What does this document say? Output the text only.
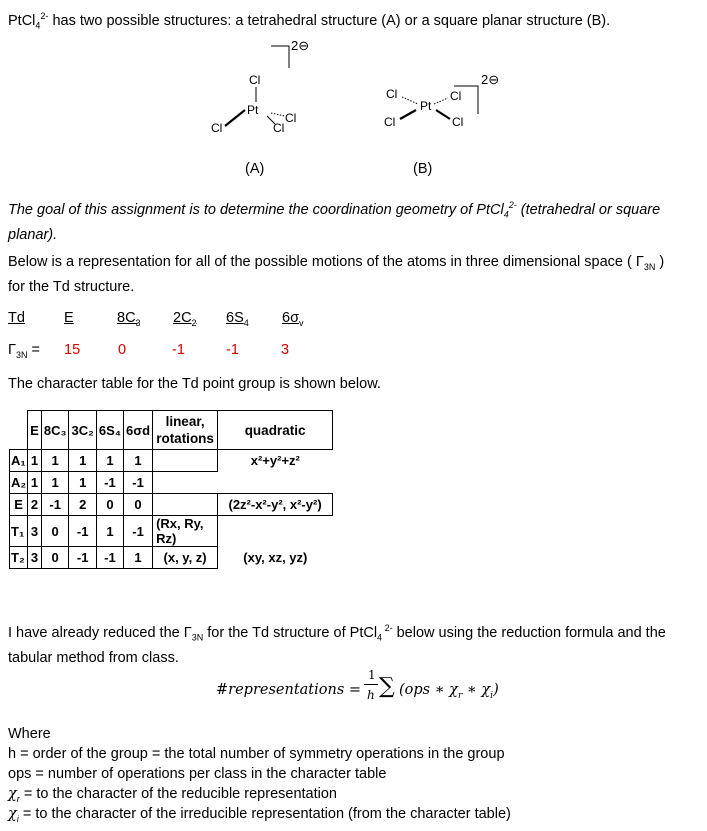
PtCl$_4^{2-}$ has two possible structures: a tetrahedral structure (A) or a square planar structure (B).
2⊖
Cl
Pt
Cl
Cl
Cl
(A)
2⊖
Cl
Pt
Cl
Cl	Cl
(B)
The goal of this assignment is to determine the coordination geometry of PtCl$_4^{2-}$ (tetrahedral or square planar).
Below is a representation for all of the possible motions of the atoms in three dimensional space ( $\Gamma_{3N}$ )
for the Td structure.
Td	E	$8C_3$ $2C_2$ $6S_4$ $6\sigma_v$
$\Gamma_{3N} = 15$	0	-1	-1	3
The character table for the Td point group is shown below.
	E	8C₃	3C₂	6S₄	6σd	linear, rotations	quadratic
A₁	1	1	1	1	1		x²+y²+z²
A₂	1	1	1	-1	-1		
E	2	-1	2	0	0		(2z²-x²-y², x²-y²)
T₁	3	0	-1	1	-1	(Rx, Ry, Rz)	
T₂	3	0	-1	-1	1	(x, y, z)	(xy, xz, yz)
I have already reduced the $\Gamma_{3N}$ for the Td structure of PtCl$_4$ $^{2-}$ below using the reduction formula and the
tabular method from class.
#representations =
1
h ∑ (ops ∗ $\chi_r$ ∗ $\chi_i$)
Where
h = order of the group = the total number of symmetry operations in the group
ops = number of operations per class in the character table
$\chi_r$ = to the character of the reducible representation
$\chi_i$ = to the character of the irreducible representation (from the character table)
